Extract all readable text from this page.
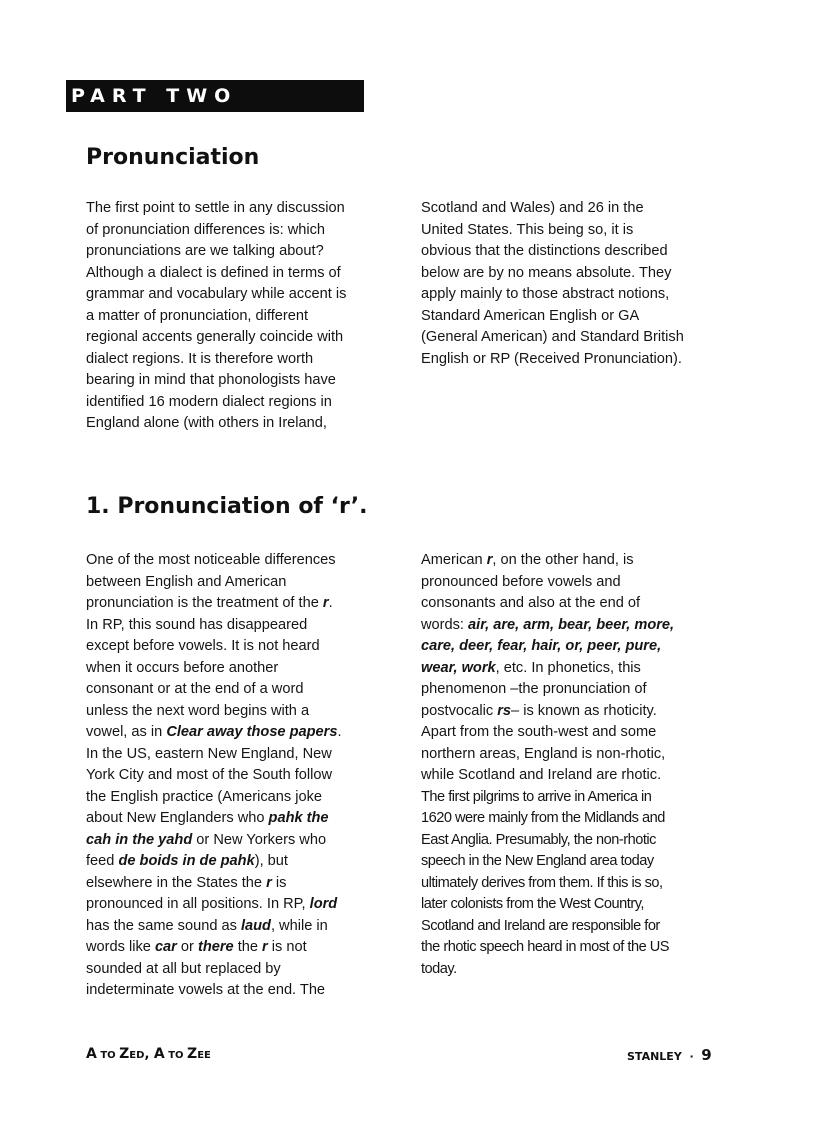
PART TWO
Pronunciation
The first point to settle in any discussion
of pronunciation differences is: which
pronunciations are we talking about?
Although a dialect is defined in terms of
grammar and vocabulary while accent is
a matter of pronunciation, different
regional accents generally coincide with
dialect regions. It is therefore worth
bearing in mind that phonologists have
identified 16 modern dialect regions in
England alone (with others in Ireland,
Scotland and Wales) and 26 in the
United States. This being so, it is
obvious that the distinctions described
below are by no means absolute. They
apply mainly to those abstract notions,
Standard American English or GA
(General American) and Standard British
English or RP (Received Pronunciation).
1. Pronunciation of ‘r’.
One of the most noticeable differences
between English and American
pronunciation is the treatment of the r.
In RP, this sound has disappeared
except before vowels. It is not heard
when it occurs before another
consonant or at the end of a word
unless the next word begins with a
vowel, as in Clear away those papers.
In the US, eastern New England, New
York City and most of the South follow
the English practice (Americans joke
about New Englanders who pahk the
cah in the yahd or New Yorkers who
feed de boids in de pahk), but
elsewhere in the States the r is
pronounced in all positions. In RP, lord
has the same sound as laud, while in
words like car or there the r is not
sounded at all but replaced by
indeterminate vowels at the end. The
American r, on the other hand, is
pronounced before vowels and
consonants and also at the end of
words: air, are, arm, bear, beer, more,
care, deer, fear, hair, or, peer, pure,
wear, work, etc. In phonetics, this
phenomenon –the pronunciation of
postvocalic rs– is known as rhoticity.
Apart from the south-west and some
northern areas, England is non-rhotic,
while Scotland and Ireland are rhotic.
The first pilgrims to arrive in America in
1620 were mainly from the Midlands and
East Anglia. Presumably, the non-rhotic
speech in the New England area today
ultimately derives from them. If this is so,
later colonists from the West Country,
Scotland and Ireland are responsible for
the rhotic speech heard in most of the US
today.
A TO ZED, A TO ZEE	STANLEY  ·  9
